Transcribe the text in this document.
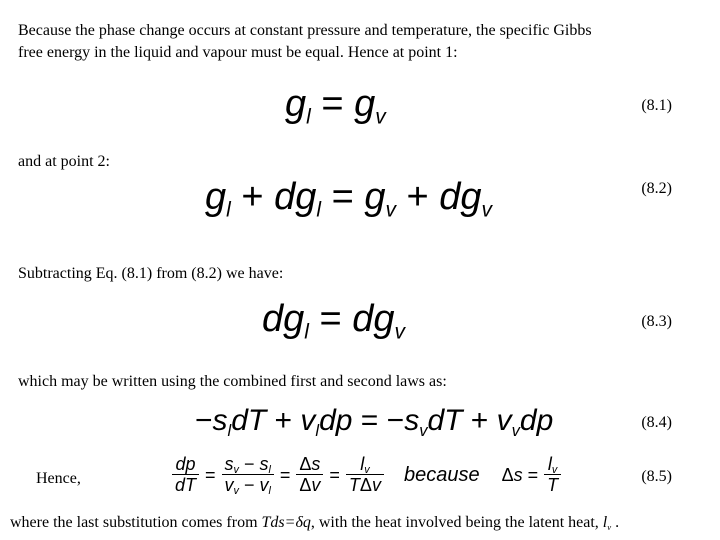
Because the phase change occurs at constant pressure and temperature, the specific Gibbs
free energy in the liquid and vapour must be equal. Hence at point 1:
$g_l = g_v$	(8.1)
and at point 2:
$g_l + dg_l = g_v + dg_v$
(8.2)
Subtracting Eq. (8.1) from (8.2) we have:
$dg_l = dg_v$	(8.3)
which may be written using the combined first and second laws as:
$-s_ldT + v_ldp = -s_vdT + v_vdp$	(8.4)
Hence,	$\frac{dp}{dT} = \frac{sv - sl}{vv - vl} = \frac{\Delta s}{\Delta v} = \frac{lv}{\text{TΔv}}$ because $\Delta s = \frac{lv}{T}$	(8.5)
where the last substitution comes from Tds=δq, with the heat involved being the latent heat, $l_v$ .
